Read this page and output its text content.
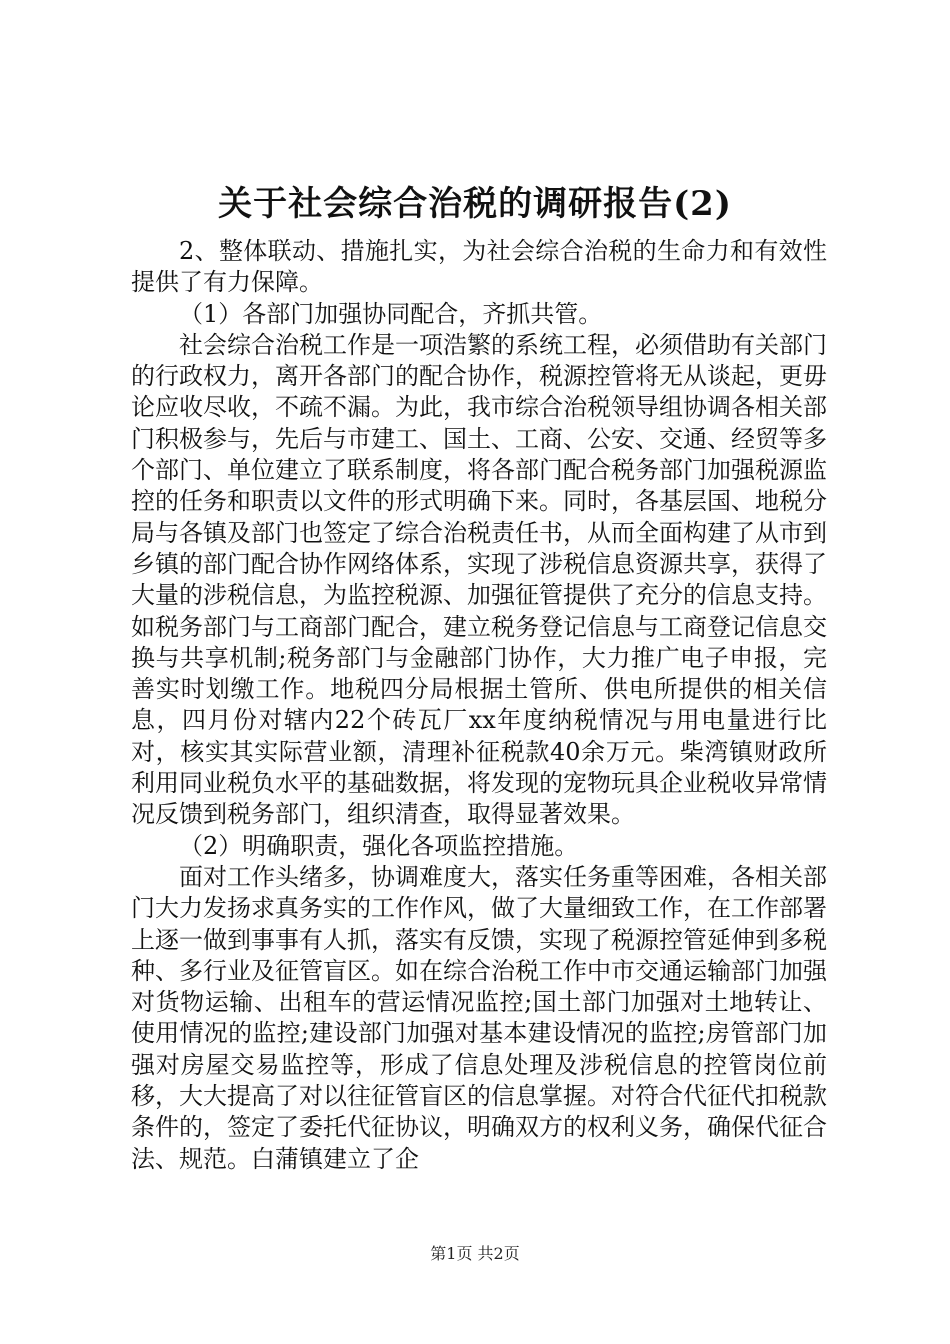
关于社会综合治税的调研报告(2)

2、整体联动、措施扎实，为社会综合治税的生命力和有效性提供了有力保障。

（1）各部门加强协同配合，齐抓共管。

社会综合治税工作是一项浩繁的系统工程，必须借助有关部门的行政权力，离开各部门的配合协作，税源控管将无从谈起，更毋论应收尽收，不疏不漏。为此，我市综合治税领导组协调各相关部门积极参与，先后与市建工、国土、工商、公安、交通、经贸等多个部门、单位建立了联系制度，将各部门配合税务部门加强税源监控的任务和职责以文件的形式明确下来。同时，各基层国、地税分局与各镇及部门也签定了综合治税责任书，从而全面构建了从市到乡镇的部门配合协作网络体系，实现了涉税信息资源共享，获得了大量的涉税信息，为监控税源、加强征管提供了充分的信息支持。如税务部门与工商部门配合，建立税务登记信息与工商登记信息交换与共享机制;税务部门与金融部门协作，大力推广电子申报，完善实时划缴工作。地税四分局根据土管所、供电所提供的相关信息，四月份对辖内22个砖瓦厂xx年度纳税情况与用电量进行比对，核实其实际营业额，清理补征税款40余万元。柴湾镇财政所利用同业税负水平的基础数据，将发现的宠物玩具企业税收异常情况反馈到税务部门，组织清查，取得显著效果。

（2）明确职责，强化各项监控措施。

面对工作头绪多，协调难度大，落实任务重等困难，各相关部门大力发扬求真务实的工作作风，做了大量细致工作，在工作部署上逐一做到事事有人抓，落实有反馈，实现了税源控管延伸到多税种、多行业及征管盲区。如在综合治税工作中市交通运输部门加强对货物运输、出租车的营运情况监控;国土部门加强对土地转让、使用情况的监控;建设部门加强对基本建设情况的监控;房管部门加强对房屋交易监控等，形成了信息处理及涉税信息的控管岗位前移，大大提高了对以往征管盲区的信息掌握。对符合代征代扣税款条件的，签定了委托代征协议，明确双方的权利义务，确保代征合法、规范。白蒲镇建立了企

第1页 共2页
